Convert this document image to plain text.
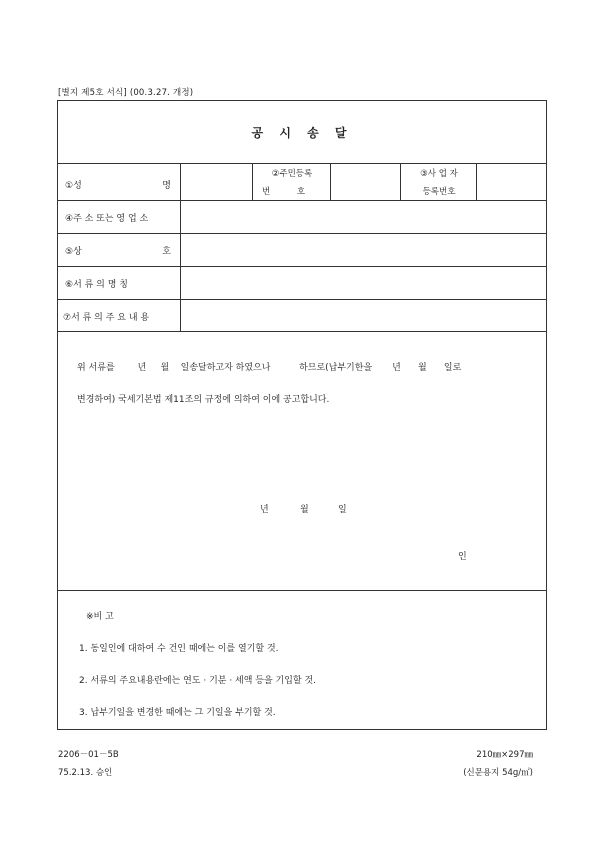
[별지 제5호 서식] (00.3.27. 개정)
공 시 송 달
①성	명
②주민등록
번	호
③사 업 자
등록번호
④주 소 또는 영 업 소
⑤상	호
⑥서 류 의 명 칭
⑦서 류 의 주 요 내 용
위 서류를        년     월    일송달하고자 하였으나          하므로(납부기한을       년      월      일로
변경하여) 국세기본법 제11조의 규정에 의하여 이에 공고합니다.
년	월	일
인
※비 고
1. 동일인에 대하여 수 건인 때에는 이를 열기할 것.
2. 서류의 주요내용란에는 연도 · 기분 · 세액 등을 기입할 것.
3. 납부기일을 변경한 때에는 그 기일을 부기할 것.
2206－01－5B
75.2.13. 승인
210㎜×297㎜
(신문용지 54g/㎡)
